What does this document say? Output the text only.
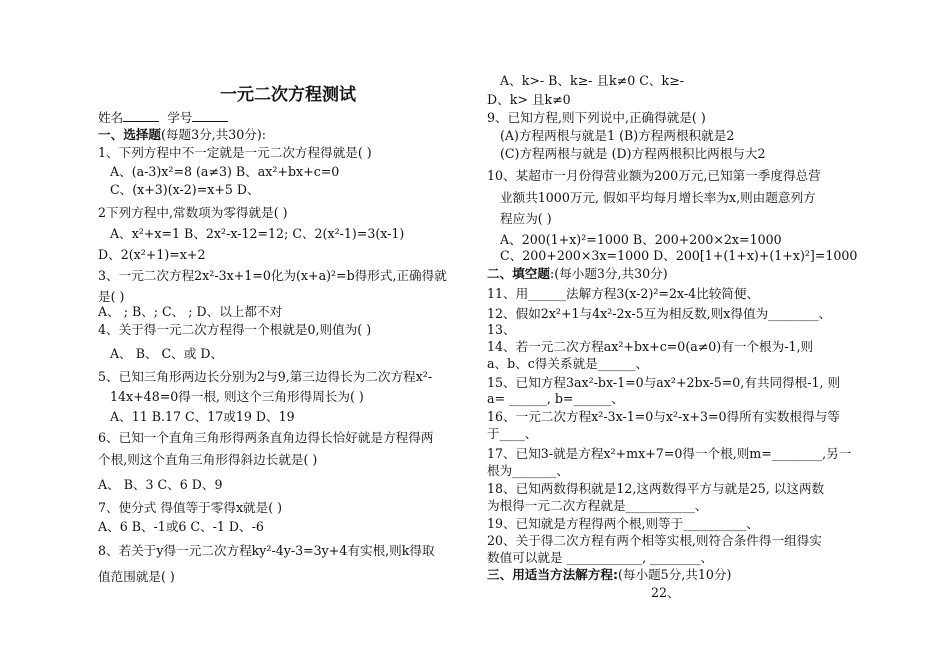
一元二次方程测试
姓名	学号
一、选择题(每题3分,共30分):
1、下列方程中不一定就是一元二次方程得就是( )
A、(a-3)x²=8 (a≠3) B、ax²+bx+c=0
C、(x+3)(x-2)=x+5 D、
2下列方程中,常数项为零得就是( )
A、x²+x=1 B、2x²-x-12=12; C、2(x²-1)=3(x-1)
D、2(x²+1)=x+2
3、一元二次方程2x²-3x+1=0化为(x+a)²=b得形式,正确得就
是( )
A、 ; B、; C、 ; D、以上都不对
4、关于得一元二次方程得一个根就是0,则值为( )
A、 B、 C、或 D、
5、已知三角形两边长分别为2与9,第三边得长为二次方程x²-
14x+48=0得一根, 则这个三角形得周长为( )
A、11 B.17 C、17或19 D、19
6、已知一个直角三角形得两条直角边得长恰好就是方程得两
个根,则这个直角三角形得斜边长就是( )
A、 B、3 C、6 D、9
7、使分式 得值等于零得x就是( )
A、6 B、-1或6 C、-1 D、-6
8、若关于y得一元二次方程ky²-4y-3=3y+4有实根,则k得取
值范围就是( )
A、k>- B、k≥- 且k≠0 C、k≥-
D、k> 且k≠0
9、已知方程,则下列说中,正确得就是( )
(A)方程两根与就是1 (B)方程两根积就是2
(C)方程两根与就是 (D)方程两根积比两根与大2
10、某超市一月份得营业额为200万元,已知第一季度得总营
业额共1000万元, 假如平均每月增长率为x,则由题意列方
程应为( )
A、200(1+x)²=1000 B、200+200×2x=1000
C、200+200×3x=1000 D、200[1+(1+x)+(1+x)²]=1000
二、填空题:(每小题3分,共30分)
11、用______法解方程3(x-2)²=2x-4比较简便、
12、假如2x²+1与4x²-2x-5互为相反数,则x得值为________、
13、
14、若一元二次方程ax²+bx+c=0(a≠0)有一个根为-1,则
a、b、c得关系就是______、
15、已知方程3ax²-bx-1=0与ax²+2bx-5=0,有共同得根-1, 则
a= ______, b=______、
16、一元二次方程x²-3x-1=0与x²-x+3=0得所有实数根得与等
于____、
17、已知3-就是方程x²+mx+7=0得一个根,则m=________,另一
根为_______、
18、已知两数得积就是12,这两数得平方与就是25, 以这两数
为根得一元二次方程就是___________、
19、已知就是方程得两个根,则等于__________、
20、关于得二次方程有两个相等实根,则符合条件得一组得实
数值可以就是 ____________, ________、
三、用适当方法解方程:(每小题5分,共10分)
22、
